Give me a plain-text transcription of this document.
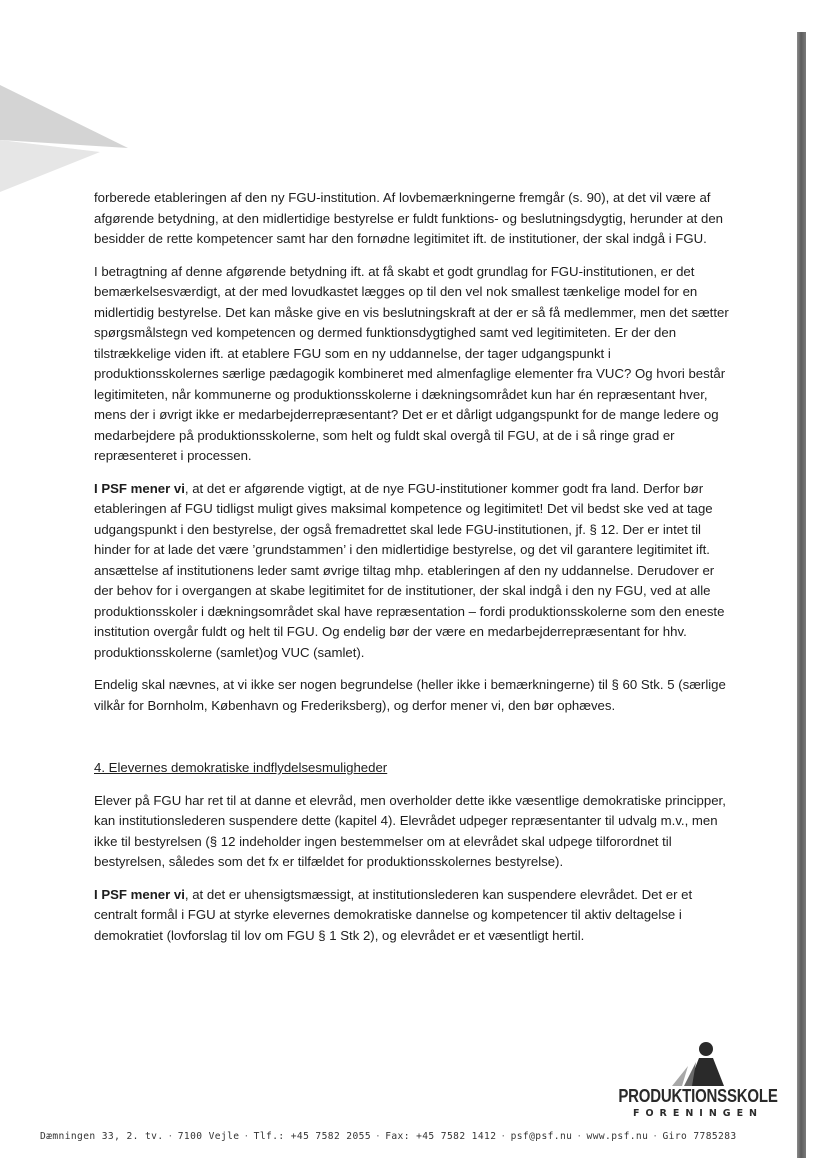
forberede etableringen af den ny FGU-institution. Af lovbemærkningerne fremgår (s. 90), at det vil være af afgørende betydning, at den midlertidige bestyrelse er fuldt funktions- og beslutningsdygtig, herunder at den besidder de rette kompetencer samt har den fornødne legitimitet ift. de institutioner, der skal indgå i FGU.

I betragtning af denne afgørende betydning ift. at få skabt et godt grundlag for FGU-institutionen, er det bemærkelsesværdigt, at der med lovudkastet lægges op til den vel nok smallest tænkelige model for en midlertidig bestyrelse. Det kan måske give en vis beslutningskraft at der er så få medlemmer, men det sætter spørgsmålstegn ved kompetencen og dermed funktionsdygtighed samt ved legitimiteten. Er der den tilstrækkelige viden ift. at etablere FGU som en ny uddannelse, der tager udgangspunkt i produktionsskolernes særlige pædagogik kombineret med almenfaglige elementer fra VUC? Og hvori består legitimiteten, når kommunerne og produktionsskolerne i dækningsområdet kun har én repræsentant hver, mens der i øvrigt ikke er medarbejderrepræsentant? Det er et dårligt udgangspunkt for de mange ledere og medarbejdere på produktionsskolerne, som helt og fuldt skal overgå til FGU, at de i så ringe grad er repræsenteret i processen.

I PSF mener vi, at det er afgørende vigtigt, at de nye FGU-institutioner kommer godt fra land. Derfor bør etableringen af FGU tidligst muligt gives maksimal kompetence og legitimitet! Det vil bedst ske ved at tage udgangspunkt i den bestyrelse, der også fremadrettet skal lede FGU-institutionen, jf. § 12. Der er intet til hinder for at lade det være ’grundstammen’ i den midlertidige bestyrelse, og det vil garantere legitimitet ift. ansættelse af institutionens leder samt øvrige tiltag mhp. etableringen af den ny uddannelse. Derudover er der behov for i overgangen at skabe legitimitet for de institutioner, der skal indgå i den ny FGU, ved at alle produktionsskoler i dækningsområdet skal have repræsentation – fordi produktionsskolerne som den eneste institution overgår fuldt og helt til FGU. Og endelig bør der være en medarbejderrepræsentant for hhv. produktionsskolerne (samlet)og VUC (samlet).

Endelig skal nævnes, at vi ikke ser nogen begrundelse (heller ikke i bemærkningerne) til § 60 Stk. 5 (særlige vilkår for Bornholm, København og Frederiksberg), og derfor mener vi, den bør ophæves.

4. Elevernes demokratiske indflydelsesmuligheder

Elever på FGU har ret til at danne et elevråd, men overholder dette ikke væsentlige demokratiske principper, kan institutionslederen suspendere dette (kapitel 4). Elevrådet udpeger repræsentanter til udvalg m.v., men ikke til bestyrelsen (§ 12 indeholder ingen bestemmelser om at elevrådet skal udpege tilforordnet til bestyrelsen, således som det fx er tilfældet for produktionsskolernes bestyrelse).

I PSF mener vi, at det er uhensigtsmæssigt, at institutionslederen kan suspendere elevrådet. Det er et centralt formål i FGU at styrke elevernes demokratiske dannelse og kompetencer til aktiv deltagelse i demokratiet (lovforslag til lov om FGU § 1 Stk 2), og elevrådet er et væsentligt hertil.

PRODUKTIONSSKOLE
FORENINGEN
Dæmningen 33, 2. tv. · 7100 Vejle · Tlf.: +45 7582 2055 · Fax: +45 7582 1412 · psf@psf.nu · www.psf.nu · Giro 7785283
